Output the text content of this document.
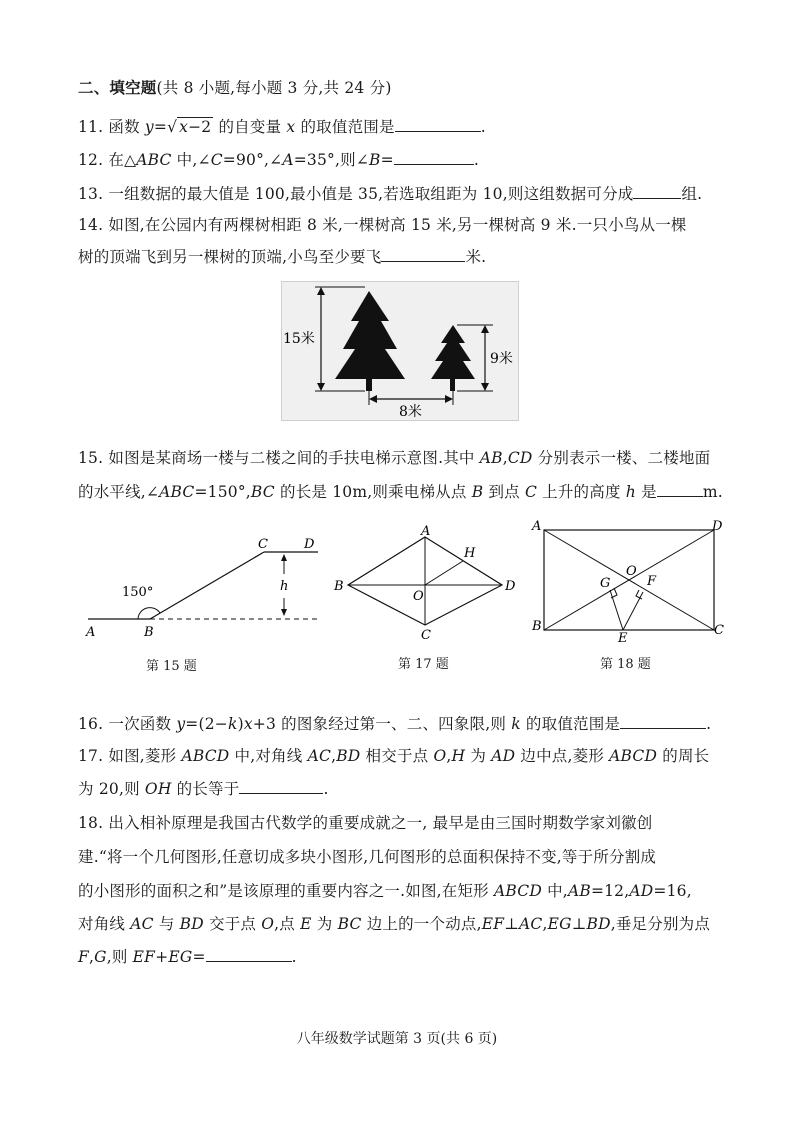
二、填空题(共 8 小题,每小题 3 分,共 24 分)
11. 函数 y=√ x−2 的自变量 x 的取值范围是	.
12. 在△ABC 中,∠C=90°,∠A=35°,则∠B=	.
13. 一组数据的最大值是 100,最小值是 35,若选取组距为 10,则这组数据可分成	组.
14. 如图,在公园内有两棵树相距 8 米,一棵树高 15 米,另一棵树高 9 米.一只小鸟从一棵
树的顶端飞到另一棵树的顶端,小鸟至少要飞	米.
15米
9米
8米
15. 如图是某商场一楼与二楼之间的手扶电梯示意图.其中 AB,CD 分别表示一楼、二楼地面
的水平线,∠ABC=150°,BC 的长是 10m,则乘电梯从点 B 到点 C 上升的高度 h 是	m.
h
150°
A	B
C	D
第 15 题
A
B
C
D
O
H
第 17 题
A	D
B	C
O
G	F
E
第 18 题
16. 一次函数 y=(2−k)x+3 的图象经过第一、二、四象限,则 k 的取值范围是	.
17. 如图,菱形 ABCD 中,对角线 AC,BD 相交于点 O,H 为 AD 边中点,菱形 ABCD 的周长
为 20,则 OH 的长等于	.
18. 出入相补原理是我国古代数学的重要成就之一, 最早是由三国时期数学家刘徽创
建.“将一个几何图形,任意切成多块小图形,几何图形的总面积保持不变,等于所分割成
的小图形的面积之和”是该原理的重要内容之一.如图,在矩形 ABCD 中,AB=12,AD=16,
对角线 AC 与 BD 交于点 O,点 E 为 BC 边上的一个动点,EF⊥AC,EG⊥BD,垂足分别为点
F,G,则 EF+EG=	.
八年级数学试题第 3 页(共 6 页)
